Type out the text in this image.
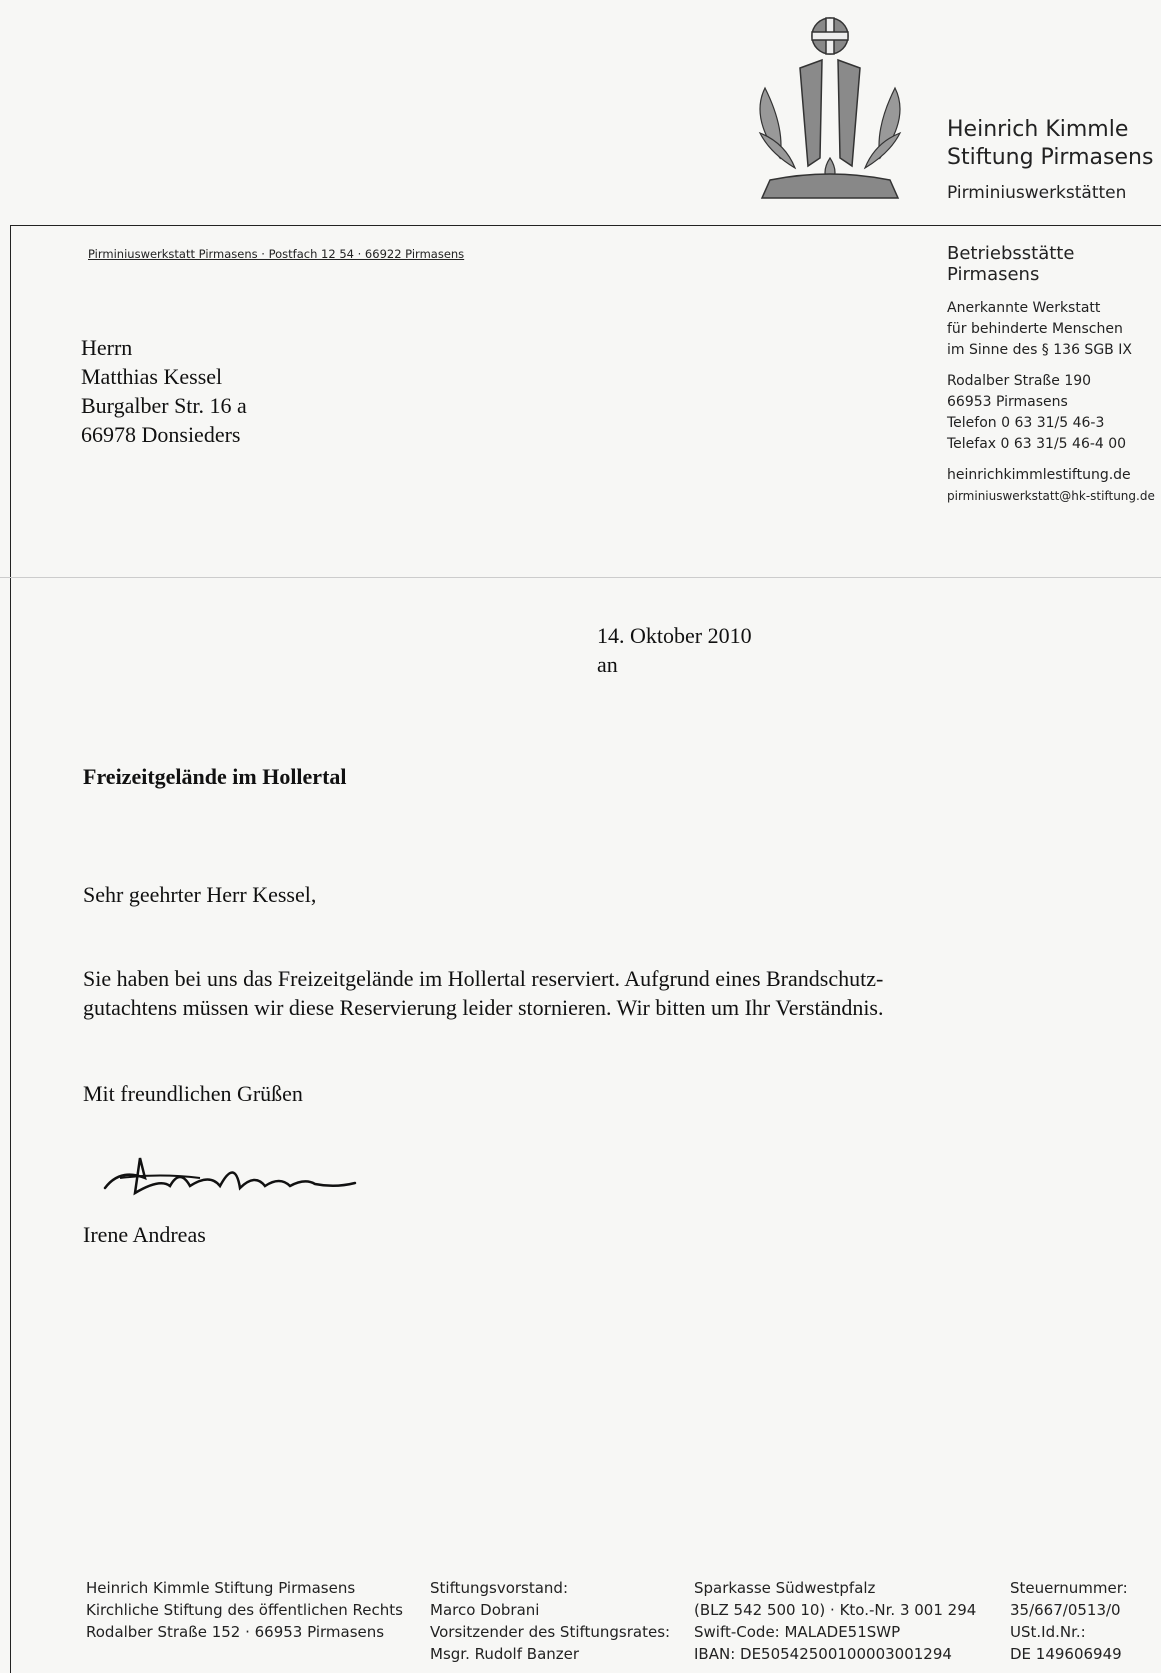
Heinrich Kimmle
Stiftung Pirmasens
Pirminiuswerkstätten
Pirminiuswerkstatt Pirmasens · Postfach 12 54 · 66922 Pirmasens
Herrn
Matthias Kessel
Burgalber Str. 16 a
66978 Donsieders
Betriebsstätte
Pirmasens
Anerkannte Werkstatt
für behinderte Menschen
im Sinne des § 136 SGB IX
Rodalber Straße 190
66953 Pirmasens
Telefon 0 63 31/5 46-3
Telefax 0 63 31/5 46-4 00
heinrichkimmlestiftung.de
pirminiuswerkstatt@hk-stiftung.de
14. Oktober 2010
an
Freizeitgelände im Hollertal
Sehr geehrter Herr Kessel,
Sie haben bei uns das Freizeitgelände im Hollertal reserviert. Aufgrund eines Brandschutz-
gutachtens müssen wir diese Reservierung leider stornieren. Wir bitten um Ihr Verständnis.
Mit freundlichen Grüßen
Irene Andreas
Heinrich Kimmle Stiftung Pirmasens
Kirchliche Stiftung des öffentlichen Rechts
Rodalber Straße 152 · 66953 Pirmasens
Stiftungsvorstand:
Marco Dobrani
Vorsitzender des Stiftungsrates:
Msgr. Rudolf Banzer
Sparkasse Südwestpfalz
(BLZ 542 500 10) · Kto.-Nr. 3 001 294
Swift-Code: MALADE51SWP
IBAN: DE50542500100003001294
Steuernummer:
35/667/0513/0
USt.Id.Nr.:
DE 149606949
